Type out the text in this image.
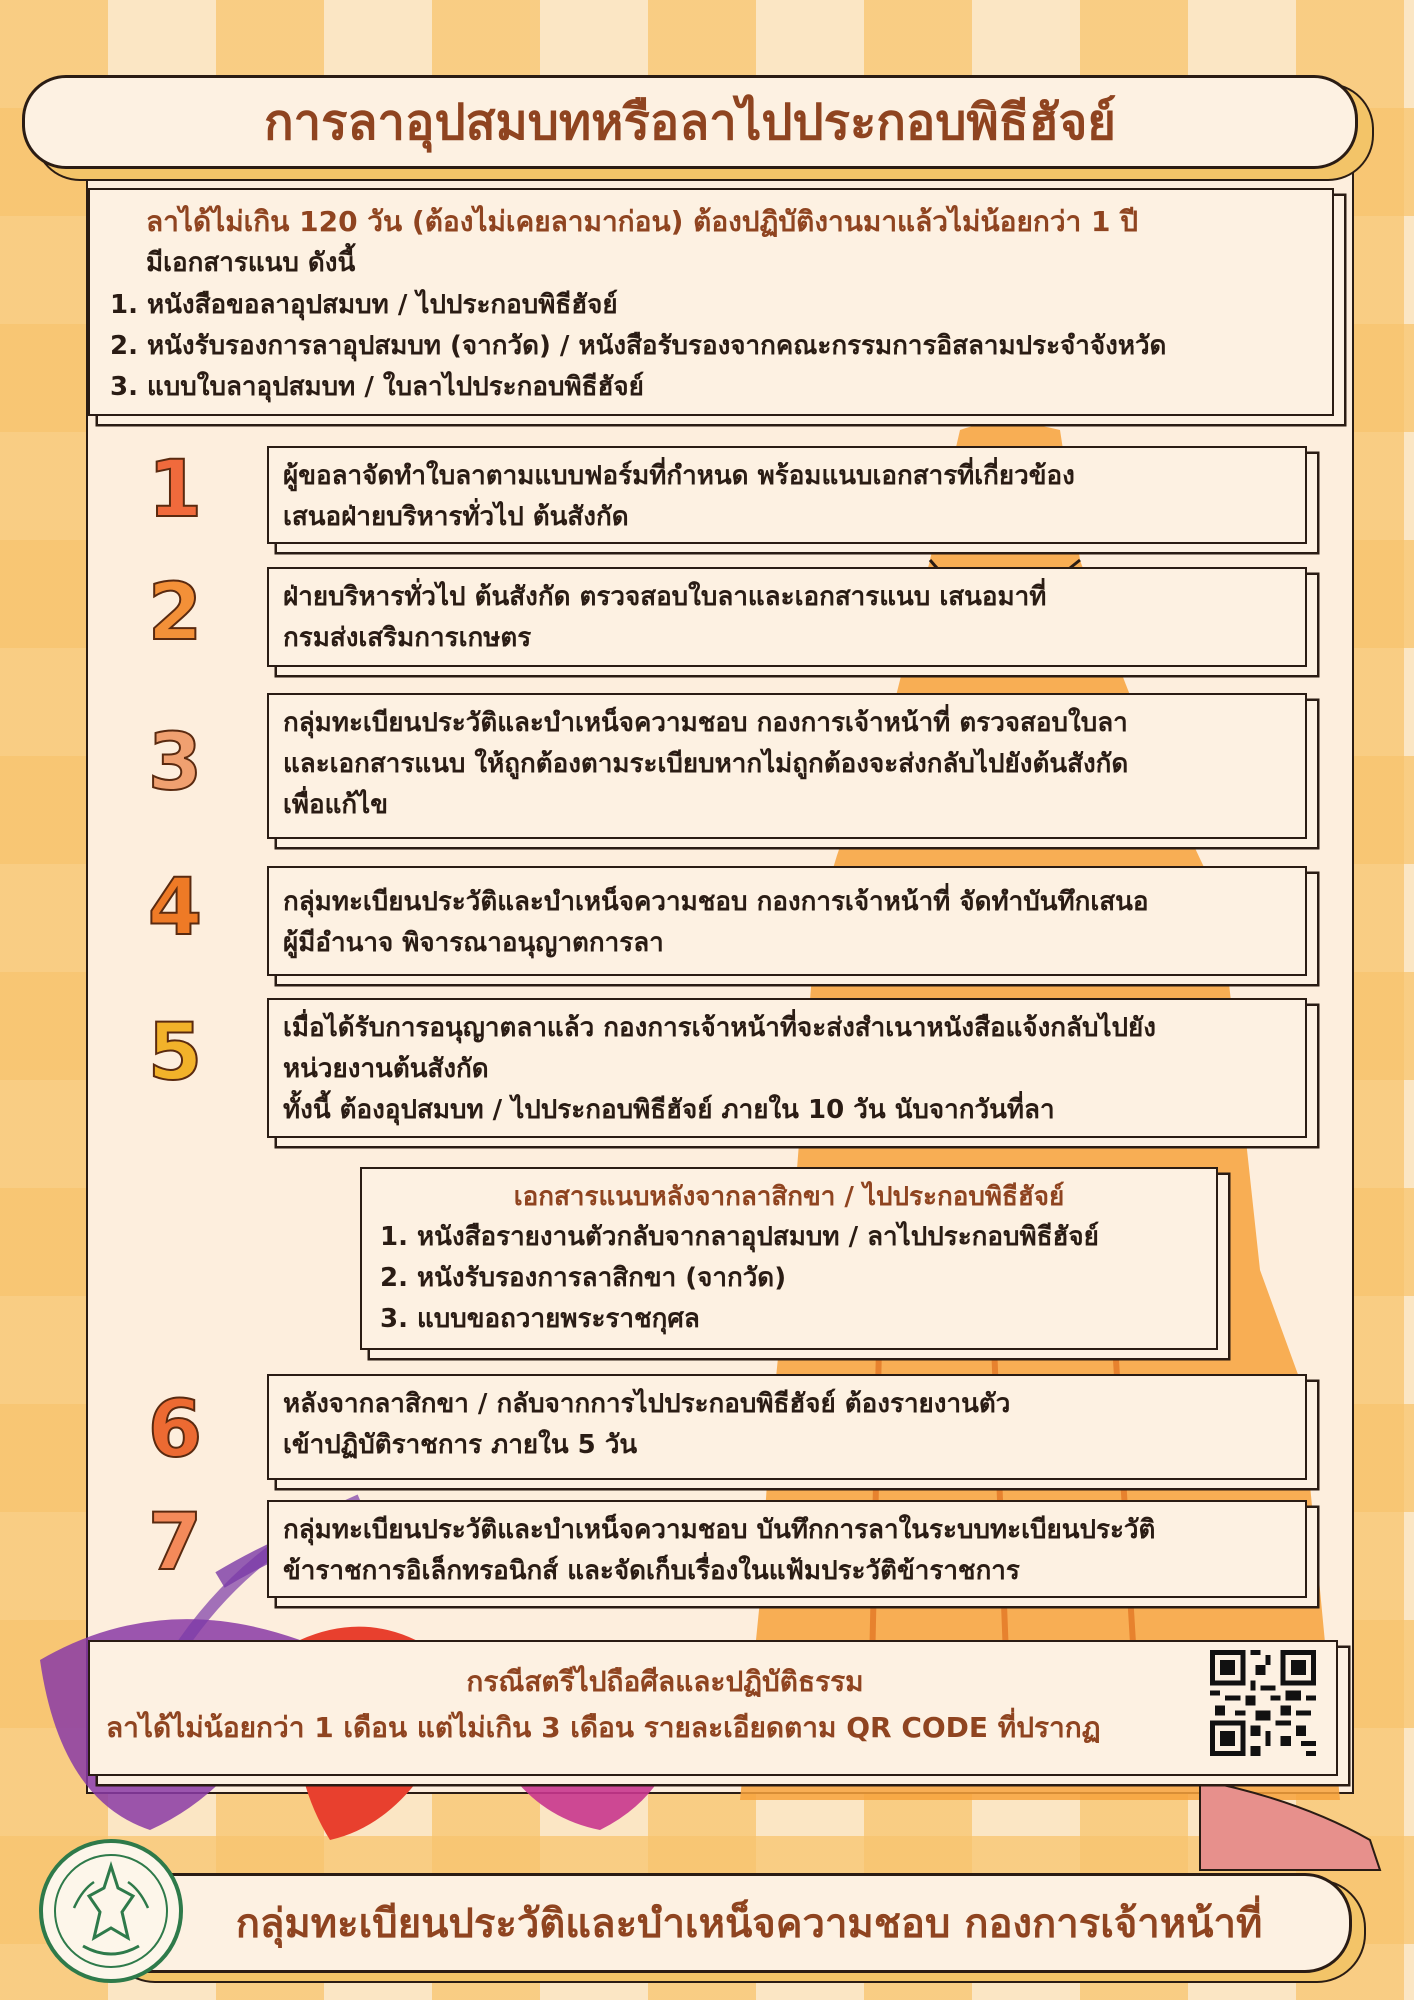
การลาอุปสมบทหรือลาไปประกอบพิธีฮัจย์
ลาได้ไม่เกิน 120 วัน (ต้องไม่เคยลามาก่อน) ต้องปฏิบัติงานมาแล้วไม่น้อยกว่า 1 ปี
มีเอกสารแนบ ดังนี้
1. หนังสือขอลาอุปสมบท / ไปประกอบพิธีฮัจย์
2. หนังรับรองการลาอุปสมบท (จากวัด) / หนังสือรับรองจากคณะกรรมการอิสลามประจำจังหวัด
3. แบบใบลาอุปสมบท / ใบลาไปประกอบพิธีฮัจย์
1	ผู้ขอลาจัดทำใบลาตามแบบฟอร์มที่กำหนด พร้อมแนบเอกสารที่เกี่ยวข้อง
เสนอฝ่ายบริหารทั่วไป ต้นสังกัด
2	ฝ่ายบริหารทั่วไป ต้นสังกัด ตรวจสอบใบลาและเอกสารแนบ เสนอมาที่
กรมส่งเสริมการเกษตร
3	กลุ่มทะเบียนประวัติและบำเหน็จความชอบ กองการเจ้าหน้าที่ ตรวจสอบใบลา
และเอกสารแนบ ให้ถูกต้องตามระเบียบหากไม่ถูกต้องจะส่งกลับไปยังต้นสังกัด
เพื่อแก้ไข
4	กลุ่มทะเบียนประวัติและบำเหน็จความชอบ กองการเจ้าหน้าที่ จัดทำบันทึกเสนอ
ผู้มีอำนาจ พิจารณาอนุญาตการลา
5	เมื่อได้รับการอนุญาตลาแล้ว กองการเจ้าหน้าที่จะส่งสำเนาหนังสือแจ้งกลับไปยัง
หน่วยงานต้นสังกัด
ทั้งนี้ ต้องอุปสมบท / ไปประกอบพิธีฮัจย์ ภายใน 10 วัน นับจากวันที่ลา
เอกสารแนบหลังจากลาสิกขา / ไปประกอบพิธีฮัจย์
1. หนังสือรายงานตัวกลับจากลาอุปสมบท / ลาไปประกอบพิธีฮัจย์
2. หนังรับรองการลาสิกขา (จากวัด)
3. แบบขอถวายพระราชกุศล
6	หลังจากลาสิกขา / กลับจากการไปประกอบพิธีฮัจย์ ต้องรายงานตัว
เข้าปฏิบัติราชการ ภายใน 5 วัน
7	กลุ่มทะเบียนประวัติและบำเหน็จความชอบ บันทึกการลาในระบบทะเบียนประวัติ
ข้าราชการอิเล็กทรอนิกส์ และจัดเก็บเรื่องในแฟ้มประวัติข้าราชการ
กรณีสตรีไปถือศีลและปฏิบัติธรรม
ลาได้ไม่น้อยกว่า 1 เดือน แต่ไม่เกิน 3 เดือน รายละเอียดตาม QR CODE ที่ปรากฏ
กลุ่มทะเบียนประวัติและบำเหน็จความชอบ กองการเจ้าหน้าที่
